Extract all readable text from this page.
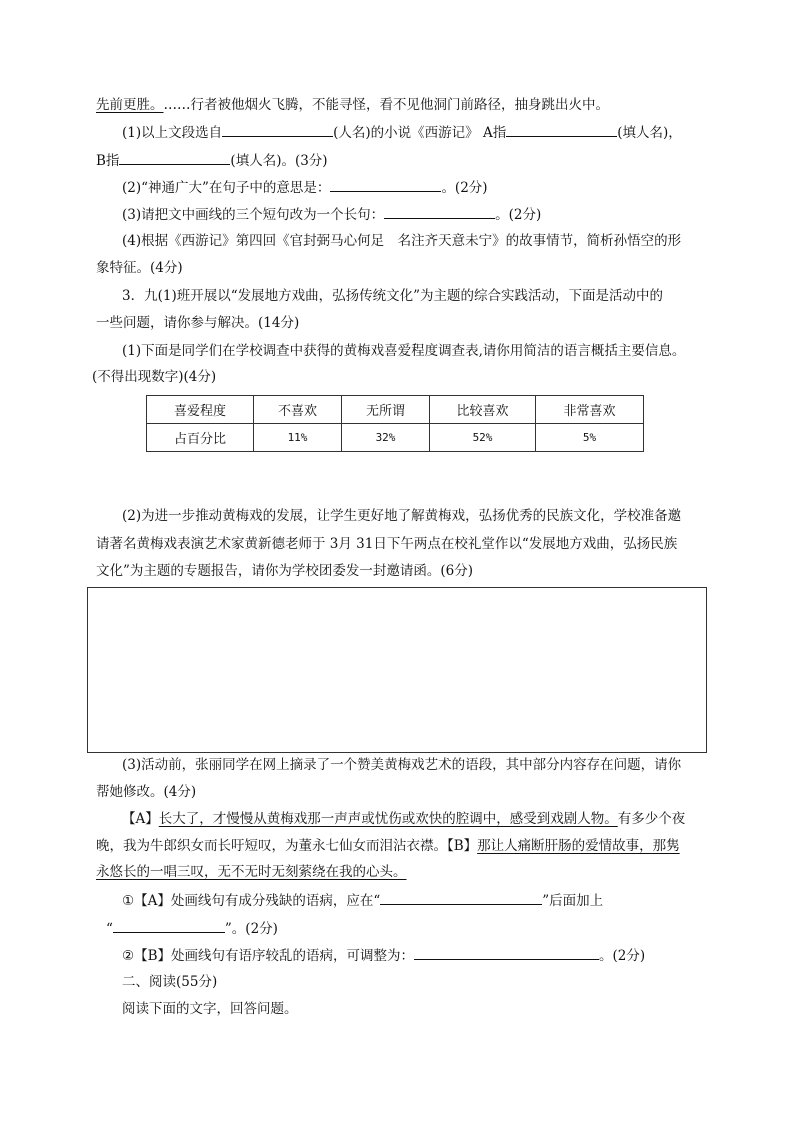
先前更胜。……行者被他烟火飞腾，不能寻怪，看不见他洞门前路径，抽身跳出火中。
(1)以上文段选自	(人名)的小说《西游记》 A指	(填人名)，
B指	(填人名)。(3分)
(2)“神通广大”在句子中的意思是：	。(2分)
(3)请把文中画线的三个短句改为一个长句：	。(2分)
(4)根据《西游记》第四回《官封弼马心何足　名注齐天意未宁》的故事情节，简析孙悟空的形
象特征。(4分)
3．九(1)班开展以“发展地方戏曲，弘扬传统文化”为主题的综合实践活动，下面是活动中的
一些问题，请你参与解决。(14分)
(1)下面是同学们在学校调查中获得的黄梅戏喜爱程度调查表,请你用简洁的语言概括主要信息。
(不得出现数字)(4分)
喜爱程度	不喜欢	无所谓	比较喜欢	非常喜欢
占百分比	11%	32%	52%	5%
(2)为进一步推动黄梅戏的发展，让学生更好地了解黄梅戏，弘扬优秀的民族文化，学校准备邀
请著名黄梅戏表演艺术家黄新德老师于 3月 31日下午两点在校礼堂作以“发展地方戏曲，弘扬民族
文化”为主题的专题报告，请你为学校团委发一封邀请函。(6分)
(3)活动前，张丽同学在网上摘录了一个赞美黄梅戏艺术的语段，其中部分内容存在问题，请你
帮她修改。(4分)
【A】长大了，才慢慢从黄梅戏那一声声或忧伤或欢快的腔调中，感受到戏剧人物。有多少个夜
晚，我为牛郎织女而长吁短叹，为董永七仙女而泪沾衣襟。【B】那让人痛断肝肠的爱情故事，那隽
永悠长的一唱三叹，无不无时无刻萦绕在我的心头。
①【A】处画线句有成分残缺的语病，应在“	”后面加上
“	”。(2分)
②【B】处画线句有语序较乱的语病，可调整为：	。(2分)
二、阅读(55分)
阅读下面的文字，回答问题。
